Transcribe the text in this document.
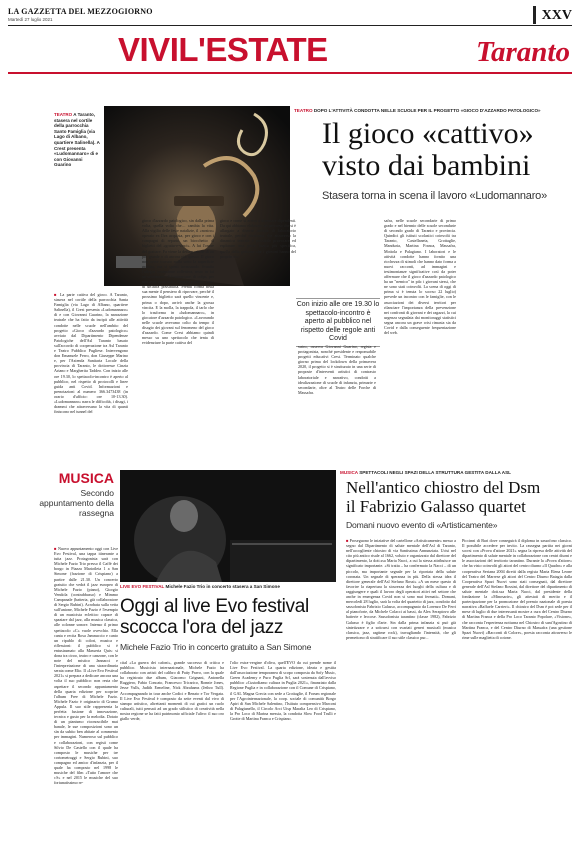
LA GAZZETTA DEL MEZZOGIORNO
Martedì 27 luglio 2021	XXV
VIVIL'ESTATE	Taranto
TEATRO A Taranto, stasera nel cortile della parrocchia Santo Famiglia (via Lago di Albano, quartiere Salinella). A Crest presenta «Ludomannaro» di e con Giovanni Guarino
TEATRO DOPO L'ATTIVITÀ CONDOTTA NELLE SCUOLE PER IL PROGETTO «GIOCO D'AZZARDO PATOLOGICO»
Il gioco «cattivo»
visto dai bambini
Stasera torna in scena il lavoro «Ludomannaro»
■ La parte cattiva del gioco. A Taranto, stasera nel cortile della parrocchia Santa Famiglia (via Lago di Albano, quartiere Salinella), il Crest presenta «Ludomannaro» di e con Giovanni Guarino, la narrazione teatrale che ha fatto da incipit alle attività condotte nelle scuole nell'ambito del progetto «Gioco d'azzardo patologico» avviato dal Dipartimento Dipendenze Patologiche dell'Asl Taranto basato sull'accordo di cooperazione tra Asl Taranto e Teatro Pubblico Pugliese. Intervengono don Emanuele Ferro, don Giuseppe Marino e, per l'Azienda Sanitaria Locale della provincia di Taranto, le dottoresse Cinzia Ariano e Margherita Taddeo. Con inizio alle ore 19.30, lo spettacolo-incontro è aperto al pubblico, nel rispetto di protocolli e linee guida anti Covid. Informazioni e prenotazioni al numero 366.3473438 (in orario d'ufficio: ore 10-13.30). «Ludomannaro» narra le difficoltà, i disagi, i drammi che attraversano la vita di quanti finiscono nel tunnel del
gioco d'azzardo patologico, sin dalla prima volta, quella volta che… cambia la vita. Alla vigilia delle feste natalizie, il «nostro» operaio ex Ilva acquista, per gioco e con i compagni di reparto, un biocchetto di biglietti del «gratta-e-vinci». A lui l'onore del grattare. Fa viene la deflagrazione di un più grande o di ancora più spesso. Il gioco non avere trovato nulla sotto la superficie grattata, ma si sposti incassando. Svanita l'allegra confusione collettiva, resta in lui un sentimento di frustrazione, di colpa, per non aver vinto nulla. Reagire e subito, tenta di un'altra possibilità. Prendi forma nella sua mente il pensiero di riprovare, perché il prossimo biglietto sarà quello vincente e, prima o dopo, arrivò anche la grossa vincita. E la molla, la trappola, il tarlo che lo trasforma in «ludomannaro», in giocatore d'azzardo patologico. «Lavorando nelle scuole avevamo colto da tempo il disagio dei giovani sul fenomeno del gioco d'azzardo. Come Crest abbiamo quindi messo su uno spettacolo che tenta di evidenziare la parte cattiva del
gioco e come si arriva a diventare dipendenti. Da qui abbiamo elaborato un percorso che si è allargato a diverse attività di laboratorio teatrale, perché riteniamo che attraverso la dinamica teatrale è possibile provocare ed esplorare una parte fuzica più specifica, quella della gestione che i giovani hanno del proprio vis-
Con inizio alle ore 19.30 lo spettacolo-incontro è aperto al pubblico nel rispetto delle regole anti Covid
suto», osserva Giovanni Guarino, regista e protagonista, nonché presidente e responsabile progetti educativi Crest. Terminato qualche giorno prima del lockdown della primavera 2020, il progetto si è strutturato in una serie di proposte d'interventi artistici di contrasto laboratoriale e narrativo, condotti a idealizzazione di scuole di infanzia, primarie e secondarie, oltre al Teatro delle Forche di Massafra.
safra, nelle scuole secondarie di primo grado e nel biennio delle scuole secondarie di secondo grado di Taranto e provincia. Quindici gli istituti scolastici coinvolti tra Taranto, Castellaneta, Grottaglie, Manduria, Martina Franca, Massafra, Mottola e Palagiano. I laboratori e le attività condotte hanno fornito una ricchezza di stimoli che hanno dato forma a nuovi racconti, ad immagini e testimonianze significative così da poter affermare che il gioco d'azzardo patologico ha un "nemico" in più: i giovani stessi, che ne sono stati coinvolti. La scena di oggi di prima si è tenuta lo scorso 22 luglio) prevede un incontro con le famiglie, con le associazioni dei diversi territori per rilanciare l'importanza della prevenzione nei confronti di giovani e dei ragazzi, la cui urgenza segnalata dai monitoraggi statistici segna ancora un grave crisi rimasta sia da Covid e dalla conseguente frequentazione del web.
MUSICA
Secondo appuntamento della rassegna
LIVE EVO FESTIVAL Michele Fazio Trio in concerto stasera a San Simone
Oggi al live Evo festival
scocca l'ora del jazz
Michele Fazio Trio in concerto gratuito a San Simone
■ Nuovo appuntamento oggi con Live Evo Festival, una tappa itinerante a tutta jazz. Protagonista sarà con Michele Fazio Trio presso il Caffè dei borgo in Piazza Mariotleta 1 a San Simone (frazione di Crispiano) a partire dalle 21.30. Un concerto gratuito che vedrà il jazz europeo di Michele Fazio (piano), Giorgio Vendola (contrabbasso) e Mimmo Campanale (batteria, già collaboratore di Sergio Rubini). Acrobata sulla vetta sull'unione, Michele Fazio è l'esempio di un musicista eclettico capace di spaziare dal jazz, alla musica classica, alle colonne sonore. Intenso il primo spettacolo «C» vuole ovevchio. Ella canta e recita Rosa Jamnuccio e canto un ripublo di colori, musica e riflessioni: il pubblico si è entusiasmato alla Masseria Quis: si dona tra ciroo, teatro e canzone, con le note del mistico Jannacci e l'interpretazione di una straordinaria serata come Elio. Il «Live Evo Festival 2021» si prepara a dedicare ancora una volta il suo pubblico: non resta che aspettare il secondo appuntamento della quarta edizione per scoprire l'album Free di Michele Fazio. Michele Fazio è originario di Grumo Appula. Il suo stile rappresenta la perfetta fusione di innovazione, tecnica e gusto per la melodia. Dotato di un pianismo riconoscibile mai banale, le sue composizioni sono un sìn da subito ben abitate al commento per immagini. Numeroso sul pubblico e collaborazioni, con registi come Silvio De Castello con il quale ha composto le musiche per tre cortometraggi e Sergio Rubini, suo compagno ed amico d'infanzia, per il quale ha composto nel 1998 le musiche del film «Tutto l'amore che c'è» e nel 2015 le musiche del suo fortunatissimo re-
cital «La guerra dei cafoni», grande successo di critica e pubblico. Musicista internazionale, Michele Fazio ha collaborato con artisti del calibro di Patty Pravo, con la quale ha registrato due album, Giacomo Grignani, Antonella Ruggiero, Fabio Concato, Francesco Tricarico, Ronnie Jones, Jesse Vulls, Judith Ermeline, Nick Abrahams (Jethro Tull). Accompagnando in tour anche Codici e Renato e Tor Vergata. Il Live Evo Festival è composto da sette eventi dal vivo di stampo artistico, altrettanti momenti di cui gratici un ruolo culturali, tutti pensati ad un grado stilistico di creatività nella nostra regione se ha fatti patrimonio ufficiale l'ulivo: il suo oro giallo verde,
l'olio extra-vergine d'oliva, quell'EVO da cui prende nome il Live Evo Festival. La quarta edizione, ideata e gestita dall'associazione temporanea di scopo composta da Sofy Music, Green Academy e Puro Puglia Srl, sarà sostenuta dall'avviso pubblico «Custodiamo cultura in Puglia 2021», finanziato dalla Regione Puglia e in collaborazione con il Comune di Crispiano, il GAL Magna Grecia con sede a Grottaglie, il Forum regionale per l'Agrointernazionale, la coop. sociale di comunità Borgo Apiri di San Michele Salentino, l'Istituto comprensivo Marconi di Palagianello, il Circolo Arci Uisp Maralia Leo di Crispiano, la Pro Loco di Marina messia, la condotta Slow Food Trulli e Grotte di Martina Franca e Crispiano.
MUSICA SPETTACOLI NEGLI SPAZI DELLA STRUTTURA GESTITA DALLA ASL
Nell'antico chiostro del Dsm
il Fabrizio Galasso quartet
Domani nuovo evento di «Artisticamente»
■ Proseguono le iniziative del cartellone «Artisticamente» messo a segno dal Dipartimento di salute mentale dell'Asl di Taranto, nell'accogliente chiostro di via Santissima Annunziata. Ucisi nel cito più antico risale al 1662, voluto e organizzato dal direttore del dipartimento, la dott.ssa Maria Nacci, a cui la stessa attribuisce un significato importante. «Si tratta – ha confermato la Nacci – di un piccolo, ma importante segnale per la riportata della salute coronata. Un segnale di speranza in più. Della stessa idea il direttore generale dell'Asl Stefano Rossi» «A un mese questo di favorire la riapertura la sicurezza dei luoghi della cultura e di raggiungere e quali il lavoro degli operatori attivi nel settore che anche in emergenza Covid non si sono mai fermati». Domani, mercoledì 28 luglio, sarà la volta del quartetto di jazz, condotto dal sassofonista Fabrizio Galasso, accompagnato da Lorenzo De Ferri al pianoforte, da Michele Colacci ai bassi, da Alex Serapiovo alle batterie e leccose. Sassofonista tarantino (classe 1982), Fabrizio Galasso è figlio d'arte. Sin dalla prima infanzia si può già sintetizzare e a sottrarsi con svariati generi musicali (musica classica, jazz, ragtime rock), travagliando l'intensità, che gli permettono di stratificare il suo stile classico pur...
Piccinni di Bari dove conseguirà il diploma in sassofono classico. Il possibile accedere per invito. La rassegna partita nei giorni scorsi con «Prova d'attore 2021» segna la ripresa delle attività del dipartimento di salute mentale in collaborazione con centri diurni e le associazioni del territorio tarantino. Durante la «Prova d'attore» che ha visto coinvolti gli attori del centro diurno «Il Quadro» e alla cooperativa Seriana 2004 diretti dalla regista Maria Elena Leone del Teatro del Marrese gli attori del Centro Diurno Batagia dalla Cooperativa Spazi Nuovi sono stati consegnati, dal direttore generale dell'Asl Stefano Rossini, dal direttore del dipartimento di salute mentale dott.ssa Maria Nacci, dal presidente della fondazione la «Minosarie», gli attestati di merito e il partecipazione per la promozione del premio nazionale di poesia narrativa «Raffaele Carrieri». Il chiostro del Dsm è poi sede per il mese di luglio di due interessanti mostre a cura del Centro Diurno di Martina Franca e della Pro Loco Taranto Popolare, «Visione», che racconta l'esperienza notturna nel Chiostro di sant'Agostino di Martina Franca, e del Centro Diurno di Massafra (una gestione Spazi Nuovi) «Racconti di Colore», poesia racconta attraverso le rime sulle maglietta di cotone.
